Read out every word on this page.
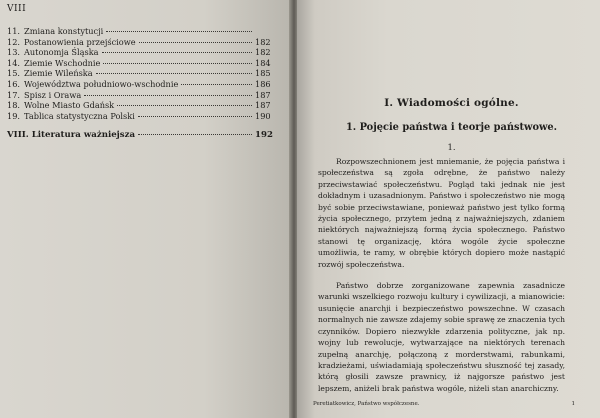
VIII
11. Zmiana konstytucji
12. Postanowienia przejściowe	182
13. Autonomja Śląska	182
14. Ziemie Wschodnie	184
15. Ziemie Wileńska	185
16. Województwa południowo-wschodnie	186
17. Spisz i Orawa	187
18. Wolne Miasto Gdańsk	187
19. Tablica statystyczna Polski	190
VIII. Literatura ważniejsza	192
I. Wiadomości ogólne.
1. Pojęcie państwa i teorje państwowe.
1.

Rozpowszechnionem jest mniemanie, że pojęcia państwa i społeczeństwa są zgoła odrębne, że państwo należy przeciwstawiać społeczeństwu. Pogląd taki jednak nie jest dokładnym i uzasadnionym. Państwo i społeczeństwo nie mogą być sobie przeciwstawiane, ponieważ państwo jest tylko formą życia społecznego, przytem jedną z najważniejszych, zdaniem niektórych najważniejszą formą życia społecznego. Państwo stanowi tę organizację, która wogóle życie społeczne umożliwia, te ramy, w obrębie których dopiero może nastąpić rozwój społeczeństwa.

Państwo dobrze zorganizowane zapewnia zasadnicze warunki wszelkiego rozwoju kultury i cywilizacji, a mianowicie: usunięcie anarchji i bezpieczeństwo powszechne. W czasach normalnych nie zawsze zdajemy sobie sprawę ze znaczenia tych czynników. Dopiero niezwykłe zdarzenia polityczne, jak np. wojny lub rewolucje, wytwarzające na niektórych terenach zupełną anarchję, połączoną z morderstwami, rabunkami, kradzieżami, uświadamiają społeczeństwu słuszność tej zasady, którą głosili zawsze prawnicy, iż najgorsze państwo jest lepszem, aniżeli brak państwa wogóle, niżeli stan anarchiczny.

Peretiatkowicz, Państwo współczesne.	1
